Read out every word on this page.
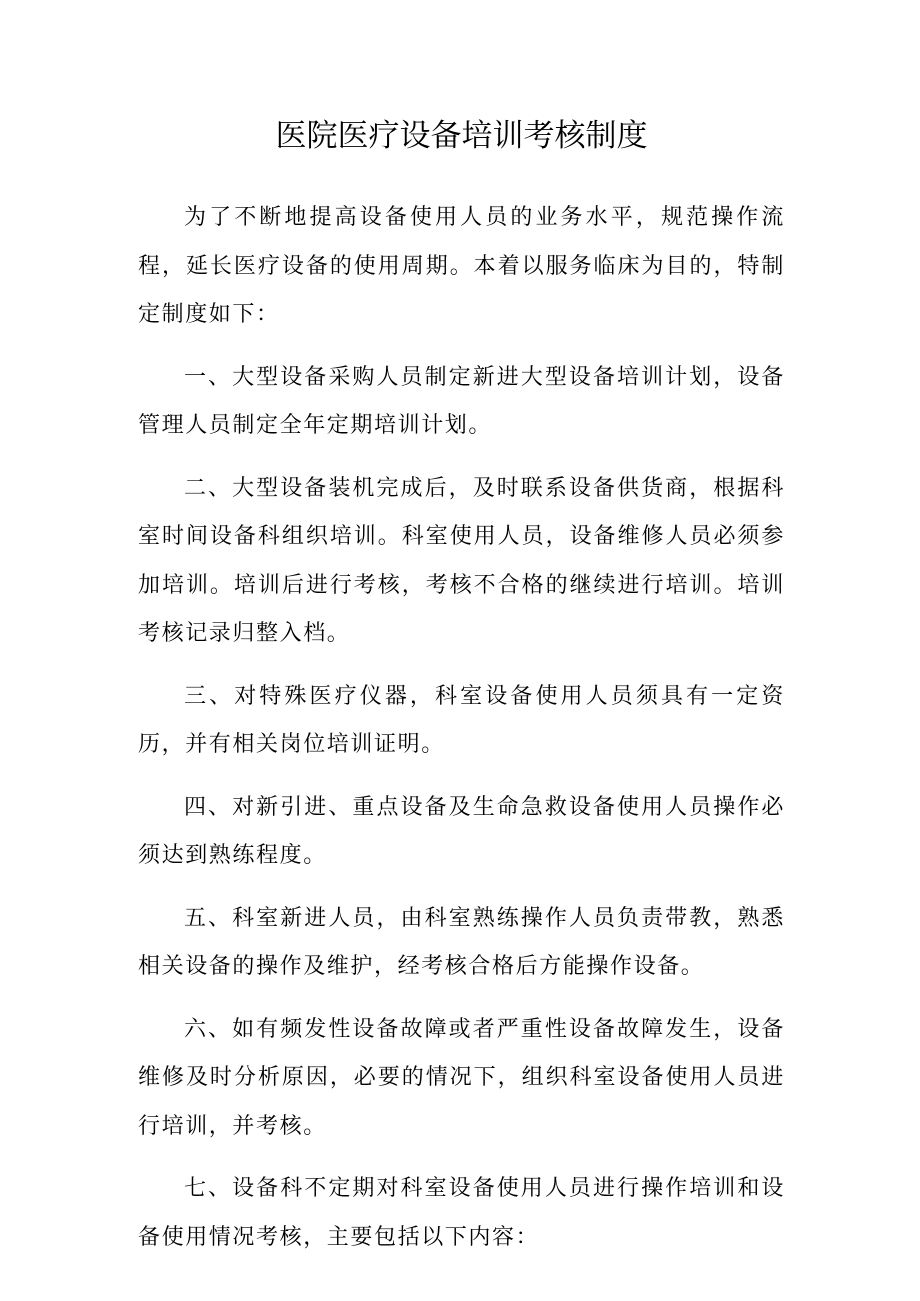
医院医疗设备培训考核制度

为了不断地提高设备使用人员的业务水平，规范操作流程，延长医疗设备的使用周期。本着以服务临床为目的，特制定制度如下：

一、大型设备采购人员制定新进大型设备培训计划，设备管理人员制定全年定期培训计划。

二、大型设备装机完成后，及时联系设备供货商，根据科室时间设备科组织培训。科室使用人员，设备维修人员必须参加培训。培训后进行考核，考核不合格的继续进行培训。培训考核记录归整入档。

三、对特殊医疗仪器，科室设备使用人员须具有一定资历，并有相关岗位培训证明。

四、对新引进、重点设备及生命急救设备使用人员操作必须达到熟练程度。

五、科室新进人员，由科室熟练操作人员负责带教，熟悉相关设备的操作及维护，经考核合格后方能操作设备。

六、如有频发性设备故障或者严重性设备故障发生，设备维修及时分析原因，必要的情况下，组织科室设备使用人员进行培训，并考核。

七、设备科不定期对科室设备使用人员进行操作培训和设备使用情况考核，主要包括以下内容：
